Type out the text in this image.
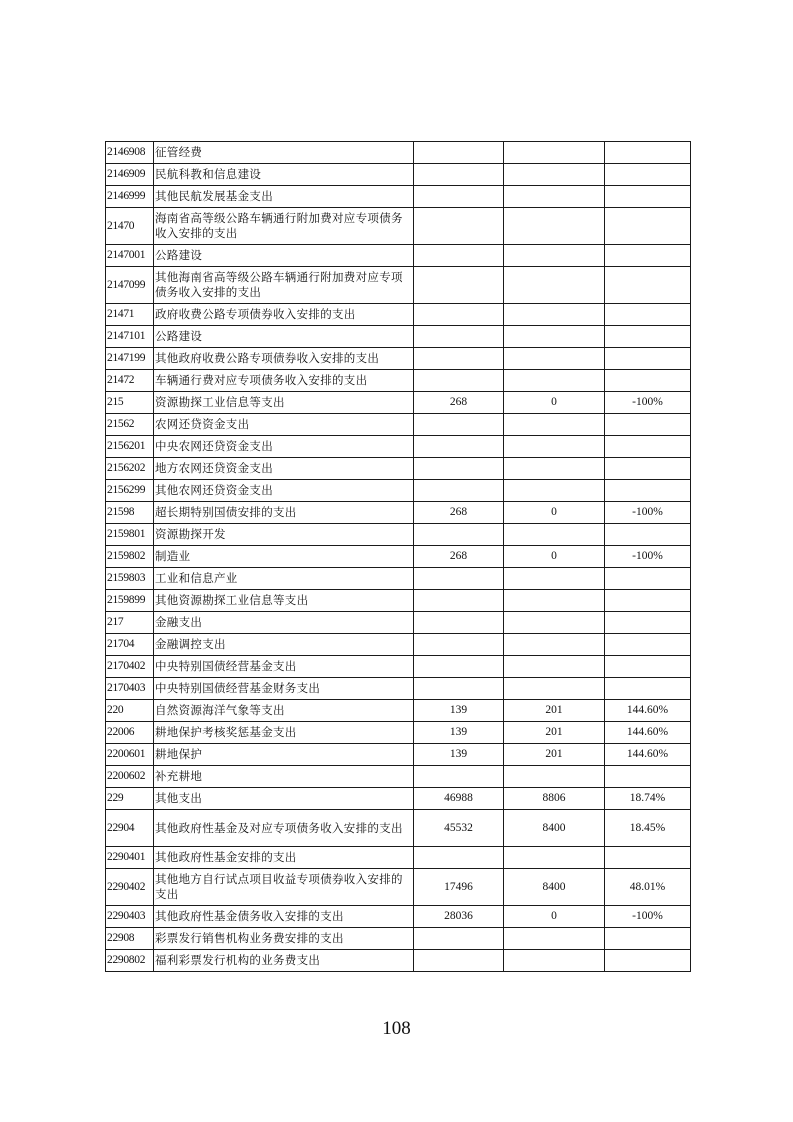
2146908	征管经费			
2146909	民航科教和信息建设			
2146999	其他民航发展基金支出			
21470	海南省高等级公路车辆通行附加费对应专项债务收入安排的支出			
2147001	公路建设			
2147099	其他海南省高等级公路车辆通行附加费对应专项债务收入安排的支出			
21471	政府收费公路专项债券收入安排的支出			
2147101	公路建设			
2147199	其他政府收费公路专项债券收入安排的支出			
21472	车辆通行费对应专项债务收入安排的支出			
215	资源勘探工业信息等支出	268	0	-100%
21562	农网还贷资金支出			
2156201	中央农网还贷资金支出			
2156202	地方农网还贷资金支出			
2156299	其他农网还贷资金支出			
21598	超长期特别国债安排的支出	268	0	-100%
2159801	资源勘探开发			
2159802	制造业	268	0	-100%
2159803	工业和信息产业			
2159899	其他资源勘探工业信息等支出			
217	金融支出			
21704	金融调控支出			
2170402	中央特别国债经营基金支出			
2170403	中央特别国债经营基金财务支出			
220	自然资源海洋气象等支出	139	201	144.60%
22006	耕地保护考核奖惩基金支出	139	201	144.60%
2200601	耕地保护	139	201	144.60%
2200602	补充耕地			
229	其他支出	46988	8806	18.74%
22904	其他政府性基金及对应专项债务收入安排的支出	45532	8400	18.45%
2290401	其他政府性基金安排的支出			
2290402	其他地方自行试点项目收益专项债券收入安排的支出	17496	8400	48.01%
2290403	其他政府性基金债务收入安排的支出	28036	0	-100%
22908	彩票发行销售机构业务费安排的支出			
2290802	福利彩票发行机构的业务费支出			
108
